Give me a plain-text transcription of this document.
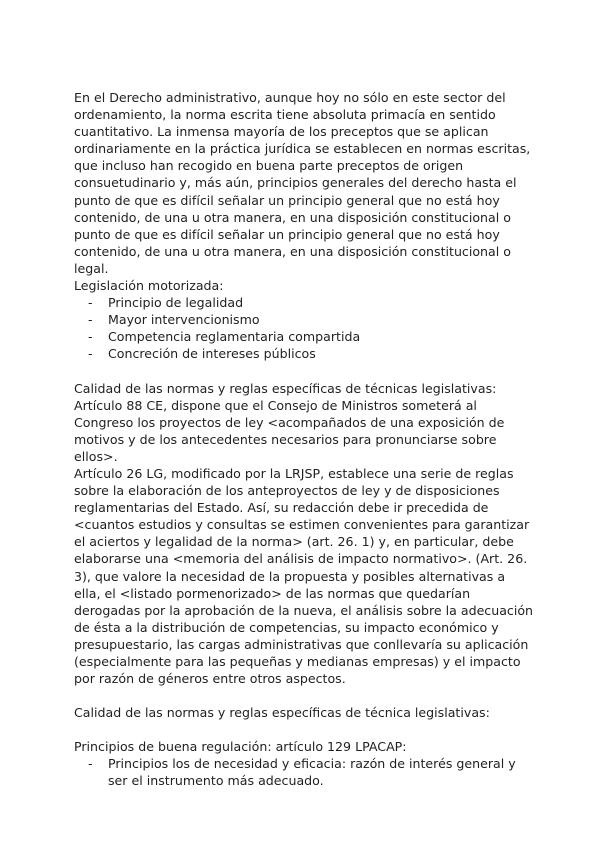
En el Derecho administrativo, aunque hoy no sólo en este sector del ordenamiento, la norma escrita tiene absoluta primacía en sentido cuantitativo. La inmensa mayoría de los preceptos que se aplican ordinariamente en la práctica jurídica se establecen en normas escritas, que incluso han recogido en buena parte preceptos de origen consuetudinario y, más aún, principios generales del derecho hasta el punto de que es difícil señalar un principio general que no está hoy contenido, de una u otra manera, en una disposición constitucional o punto de que es difícil señalar un principio general que no está hoy contenido, de una u otra manera, en una disposición constitucional o legal.

Legislación motorizada:

- Principio de legalidad
- Mayor intervencionismo
- Competencia reglamentaria compartida
- Concreción de intereses públicos

Calidad de las normas y reglas específicas de técnicas legislativas:

Artículo 88 CE, dispone que el Consejo de Ministros someterá al Congreso los proyectos de ley <acompañados de una exposición de motivos y de los antecedentes necesarios para pronunciarse sobre ellos>.

Artículo 26 LG, modificado por la LRJSP, establece una serie de reglas sobre la elaboración de los anteproyectos de ley y de disposiciones reglamentarias del Estado. Así, su redacción debe ir precedida de <cuantos estudios y consultas se estimen convenientes para garantizar el aciertos y legalidad de la norma> (art. 26. 1) y, en particular, debe elaborarse una <memoria del análisis de impacto normativo>. (Art. 26. 3), que valore la necesidad de la propuesta y posibles alternativas a ella, el <listado pormenorizado> de las normas que quedarían derogadas por la aprobación de la nueva, el análisis sobre la adecuación de ésta a la distribución de competencias, su impacto económico y presupuestario, las cargas administrativas que conllevaría su aplicación (especialmente para las pequeñas y medianas empresas) y el impacto por razón de géneros entre otros aspectos.

Calidad de las normas y reglas específicas de técnica legislativas:

Principios de buena regulación: artículo 129 LPACAP:

- Principios los de necesidad y eficacia: razón de interés general y ser el instrumento más adecuado.
